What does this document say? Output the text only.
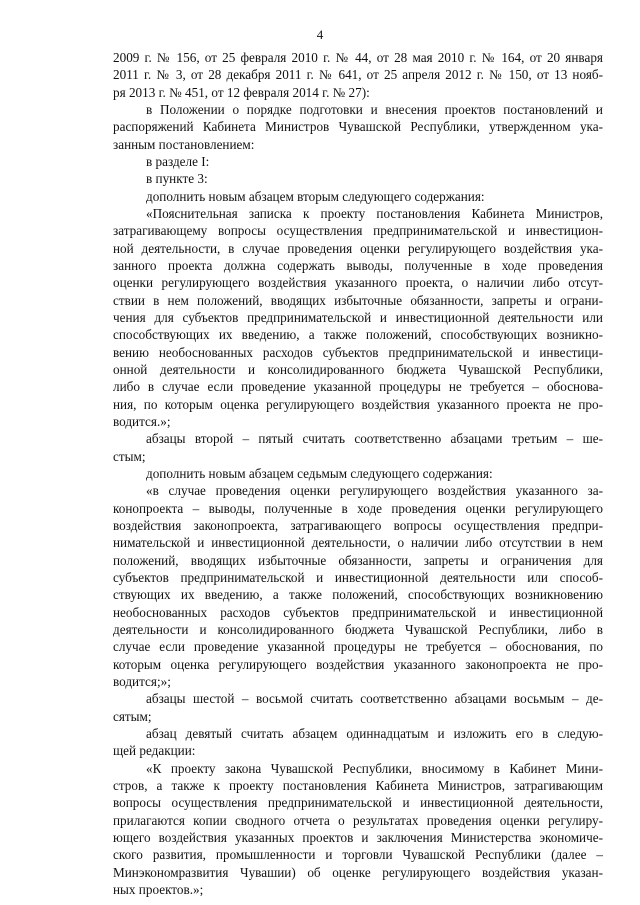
4
2009 г. № 156, от 25 февраля 2010 г. № 44, от 28 мая 2010 г. № 164, от 20 января
2011 г. № 3, от 28 декабря 2011 г. № 641, от 25 апреля 2012 г. № 150, от 13 нояб-
ря 2013 г. № 451, от 12 февраля 2014 г. № 27):
в Положении о порядке подготовки и внесения проектов постановлений и
распоряжений Кабинета Министров Чувашской Республики, утвержденном ука-
занным постановлением:
в разделе I:
в пункте 3:
дополнить новым абзацем вторым следующего содержания:
«Пояснительная записка к проекту постановления Кабинета Министров,
затрагивающему вопросы осуществления предпринимательской и инвестицион-
ной деятельности, в случае проведения оценки регулирующего воздействия ука-
занного проекта должна содержать выводы, полученные в ходе проведения
оценки регулирующего воздействия указанного проекта, о наличии либо отсут-
ствии в нем положений, вводящих избыточные обязанности, запреты и ограни-
чения для субъектов предпринимательской и инвестиционной деятельности или
способствующих их введению, а также положений, способствующих возникно-
вению необоснованных расходов субъектов предпринимательской и инвестици-
онной деятельности и консолидированного бюджета Чувашской Республики,
либо в случае если проведение указанной процедуры не требуется – обоснова-
ния, по которым оценка регулирующего воздействия указанного проекта не про-
водится.»;
абзацы второй – пятый считать соответственно абзацами третьим – ше-
стым;
дополнить новым абзацем седьмым следующего содержания:
«в случае проведения оценки регулирующего воздействия указанного за-
конопроекта – выводы, полученные в ходе проведения оценки регулирующего
воздействия законопроекта, затрагивающего вопросы осуществления предпри-
нимательской и инвестиционной деятельности, о наличии либо отсутствии в нем
положений, вводящих избыточные обязанности, запреты и ограничения для
субъектов предпринимательской и инвестиционной деятельности или способ-
ствующих их введению, а также положений, способствующих возникновению
необоснованных расходов субъектов предпринимательской и инвестиционной
деятельности и консолидированного бюджета Чувашской Республики, либо в
случае если проведение указанной процедуры не требуется – обоснования, по
которым оценка регулирующего воздействия указанного законопроекта не про-
водится;»;
абзацы шестой – восьмой считать соответственно абзацами восьмым – де-
сятым;
абзац девятый считать абзацем одиннадцатым и изложить его в следую-
щей редакции:
«К проекту закона Чувашской Республики, вносимому в Кабинет Мини-
стров, а также к проекту постановления Кабинета Министров, затрагивающим
вопросы осуществления предпринимательской и инвестиционной деятельности,
прилагаются копии сводного отчета о результатах проведения оценки регулиру-
ющего воздействия указанных проектов и заключения Министерства экономиче-
ского развития, промышленности и торговли Чувашской Республики (далее –
Минэкономразвития Чувашии) об оценке регулирующего воздействия указан-
ных проектов.»;
